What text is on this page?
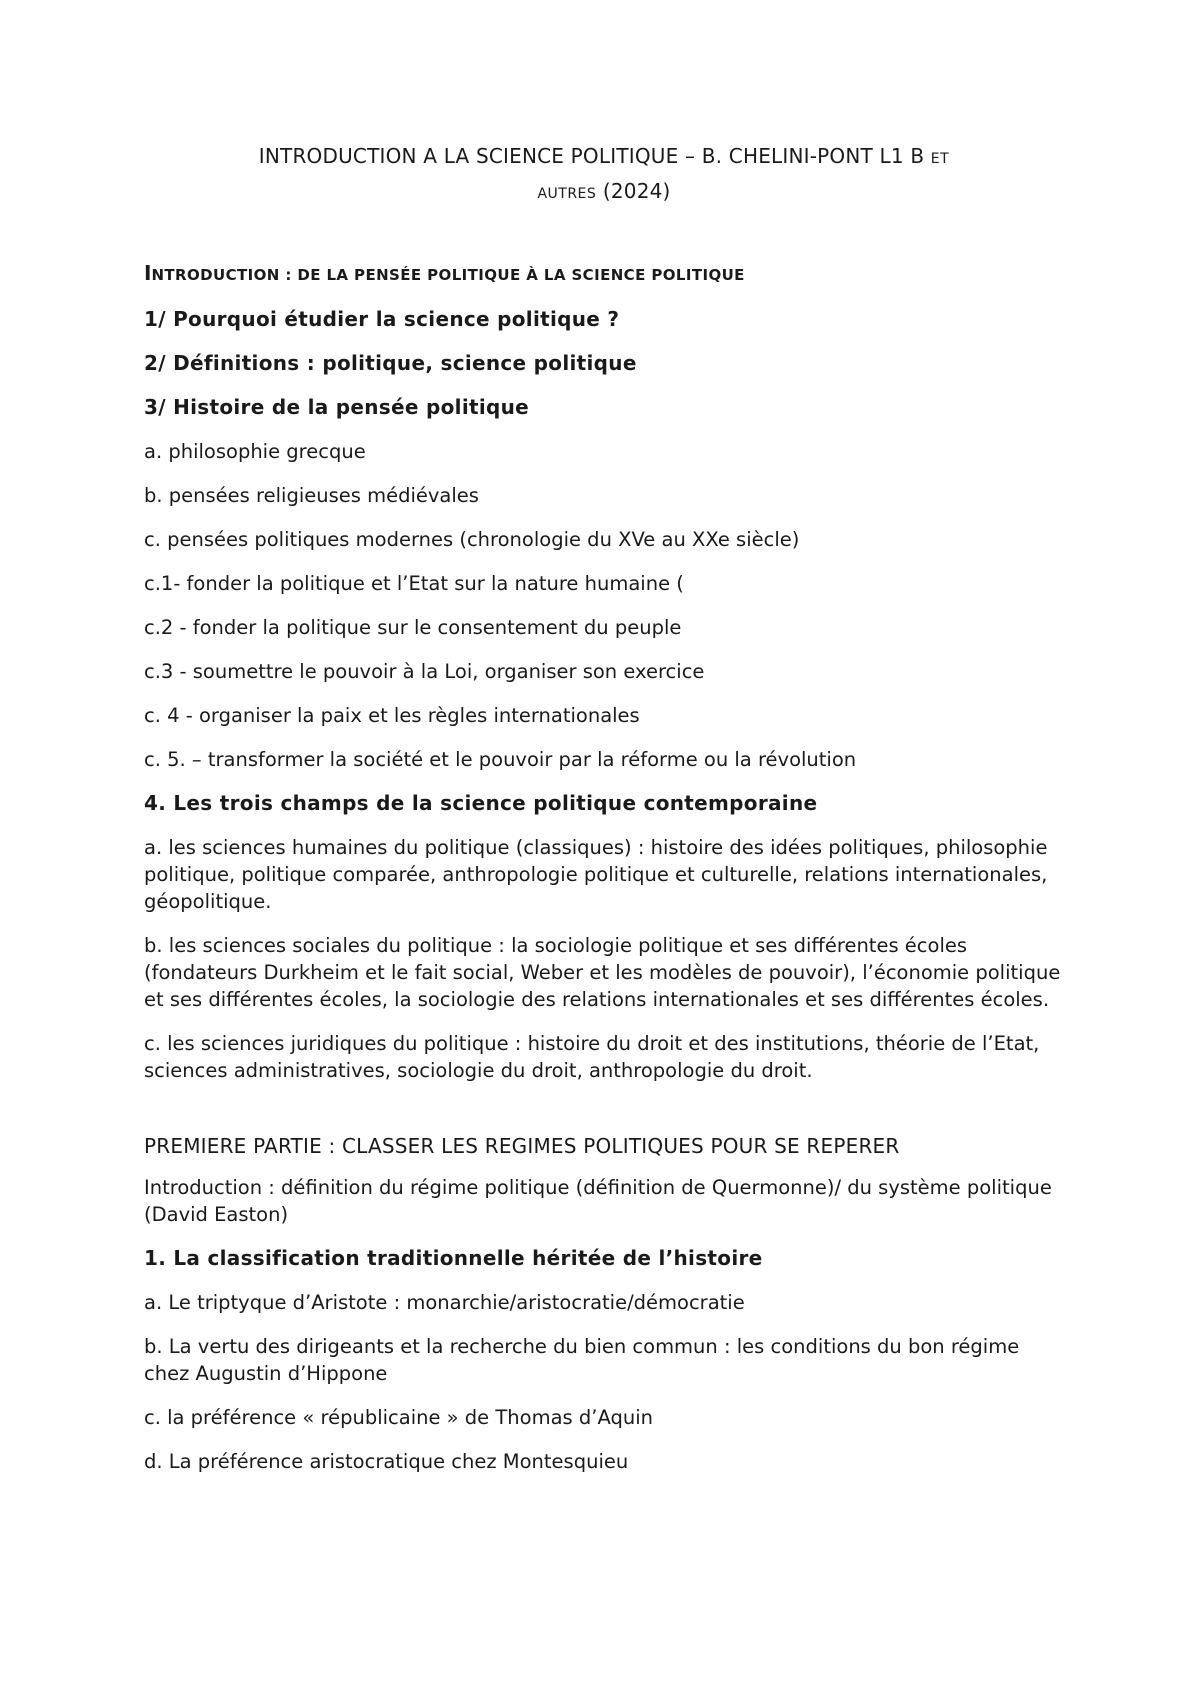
INTRODUCTION A LA SCIENCE POLITIQUE – B. CHELINI-PONT L1 B ET
AUTRES (2024)
INTRODUCTION : DE LA PENSÉE POLITIQUE À LA SCIENCE POLITIQUE
1/ Pourquoi étudier la science politique ?
2/ Définitions : politique, science politique
3/ Histoire de la pensée politique
a. philosophie grecque
b. pensées religieuses médiévales
c. pensées politiques modernes (chronologie du XVe au XXe siècle)
c.1- fonder la politique et l’Etat sur la nature humaine (
c.2 - fonder la politique sur le consentement du peuple
c.3 - soumettre le pouvoir à la Loi, organiser son exercice
c. 4 - organiser la paix et les règles internationales
c. 5. – transformer la société et le pouvoir par la réforme ou la révolution
4. Les trois champs de la science politique contemporaine
a. les sciences humaines du politique (classiques) : histoire des idées politiques, philosophie politique, politique comparée, anthropologie politique et culturelle, relations internationales, géopolitique.
b. les sciences sociales du politique : la sociologie politique et ses différentes écoles (fondateurs Durkheim et le fait social, Weber et les modèles de pouvoir), l’économie politique et ses différentes écoles, la sociologie des relations internationales et ses différentes écoles.
c. les sciences juridiques du politique : histoire du droit et des institutions, théorie de l’Etat, sciences administratives, sociologie du droit, anthropologie du droit.
PREMIERE PARTIE : CLASSER LES REGIMES POLITIQUES POUR SE REPERER
Introduction : définition du régime politique (définition de Quermonne)/ du système politique (David Easton)
1. La classification traditionnelle héritée de l’histoire
a. Le triptyque d’Aristote : monarchie/aristocratie/démocratie
b. La vertu des dirigeants et la recherche du bien commun : les conditions du bon régime chez Augustin d’Hippone
c. la préférence « républicaine » de Thomas d’Aquin
d. La préférence aristocratique chez Montesquieu
